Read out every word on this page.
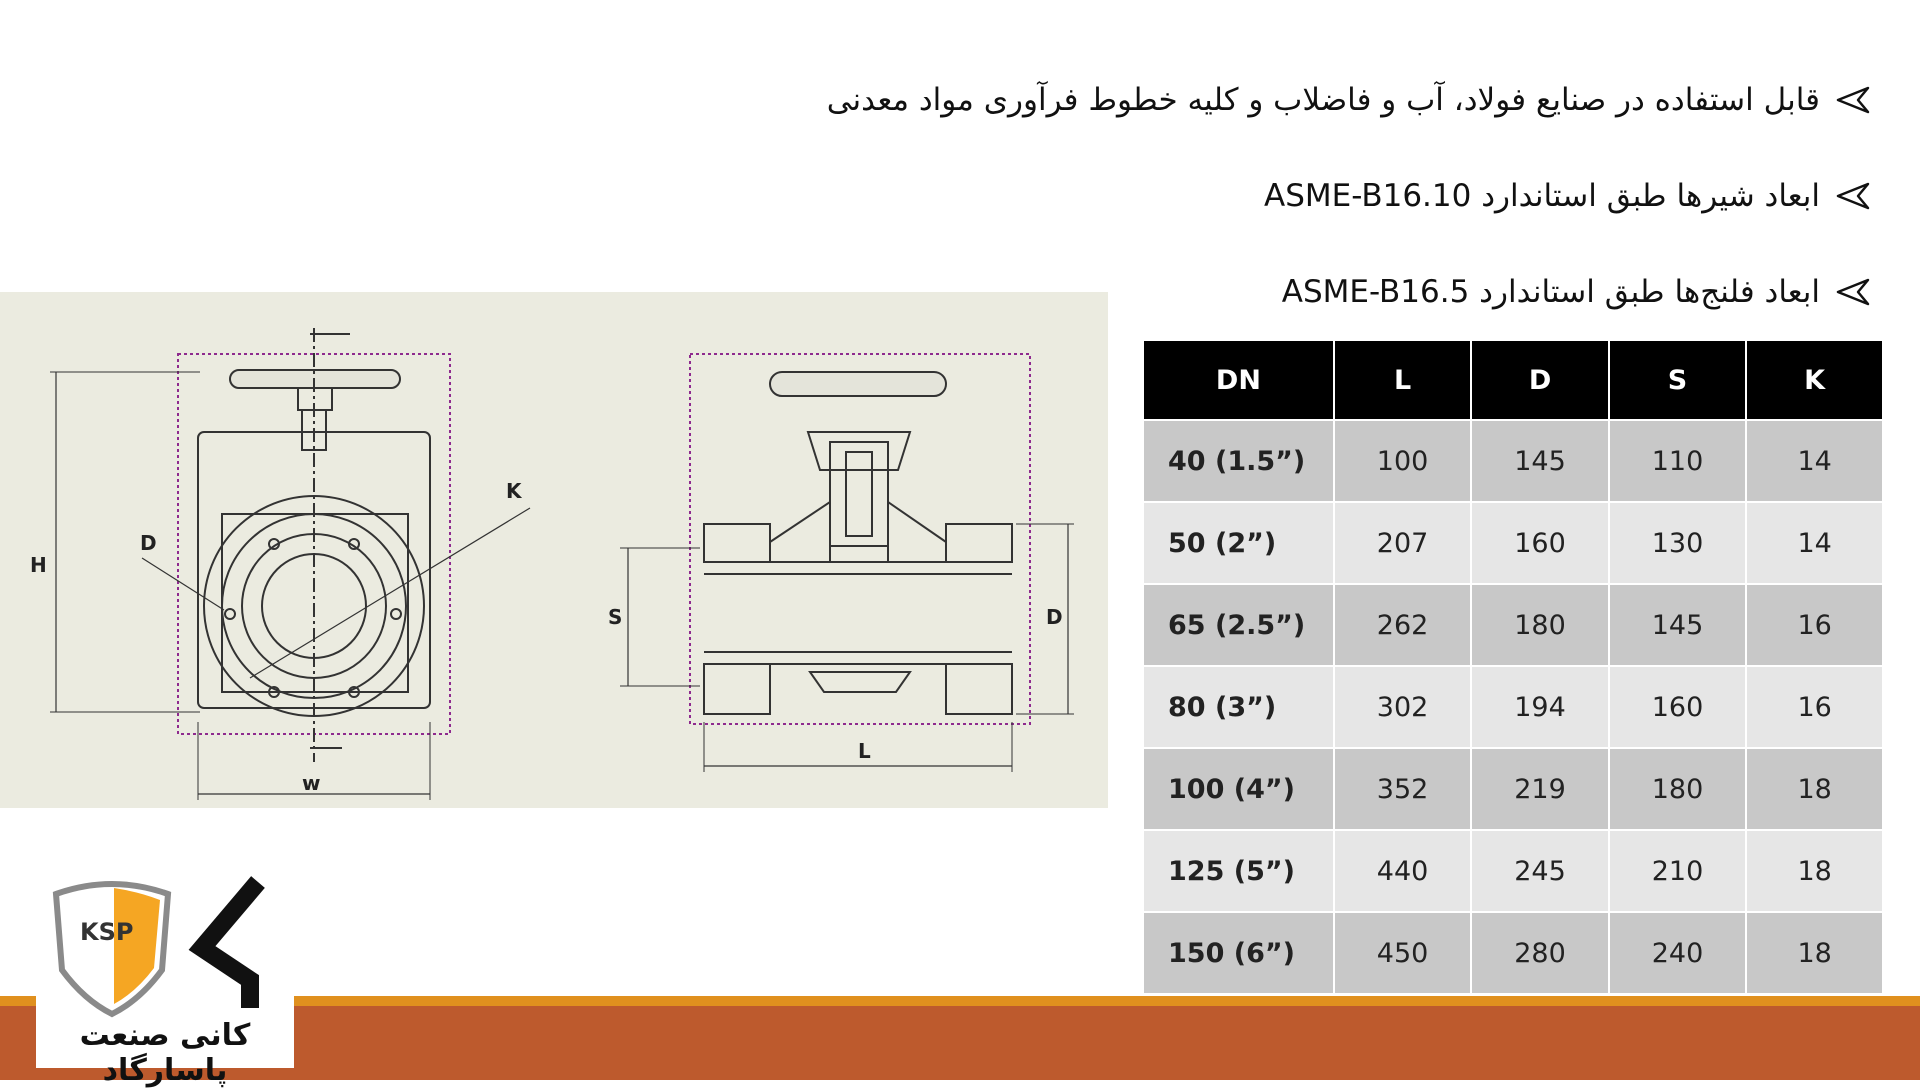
قابل استفاده در صنایع فولاد، آب و فاضلاب و کلیه خطوط فرآوری مواد معدنی
ابعاد شیرها طبق استاندارد ASME-B16.10
ابعاد فلنج‌ها طبق استاندارد ASME-B16.5
H
w
D
K
S	D
L
DN	L	D	S	K
40 (1.5”)	100	145	110	14
50 (2”)	207	160	130	14
65 (2.5”)	262	180	145	16
80 (3”)	302	194	160	16
100 (4”)	352	219	180	18
125 (5”)	440	245	210	18
150 (6”)	450	280	240	18
KSP
کانی صنعت پاسارگاد
